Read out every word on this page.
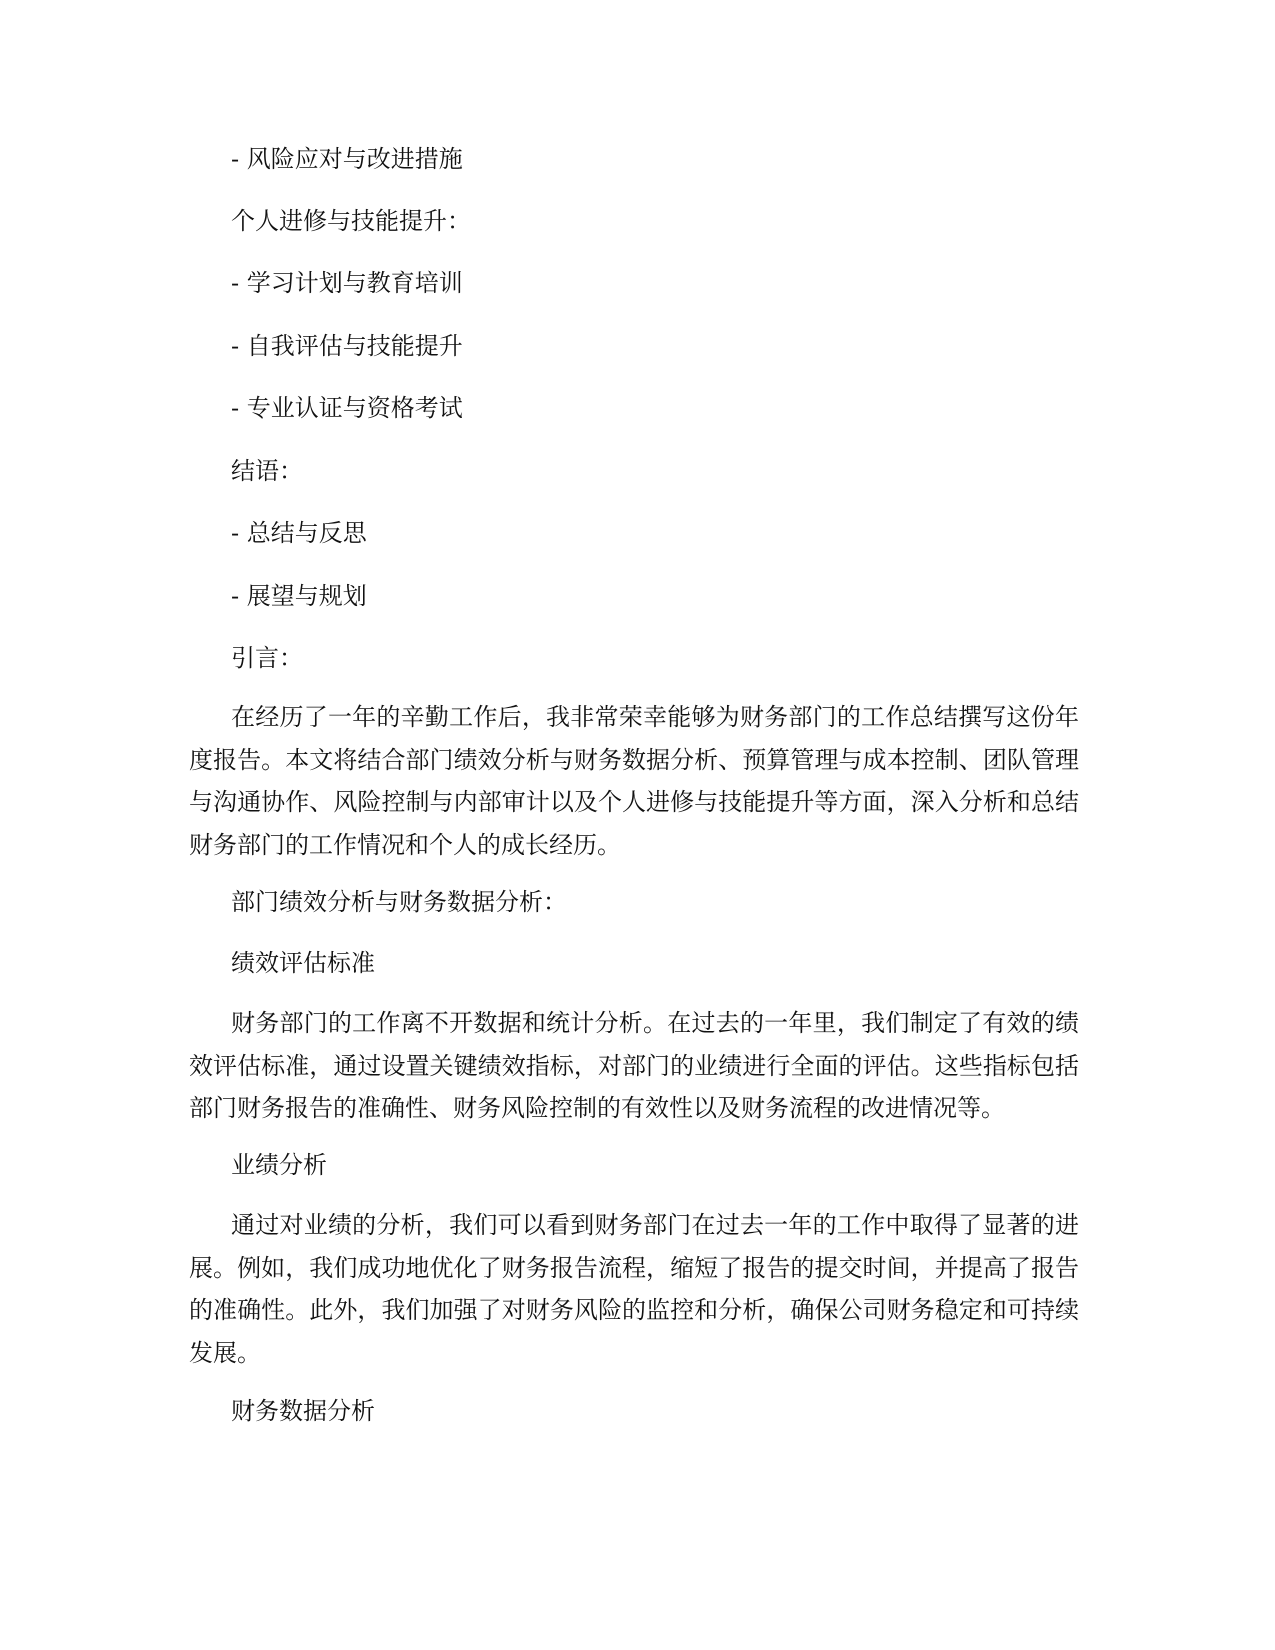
- 风险应对与改进措施
个人进修与技能提升：
- 学习计划与教育培训
- 自我评估与技能提升
- 专业认证与资格考试
结语：
- 总结与反思
- 展望与规划
引言：

在经历了一年的辛勤工作后，我非常荣幸能够为财务部门的工作总结撰写这份年度报告。本文将结合部门绩效分析与财务数据分析、预算管理与成本控制、团队管理与沟通协作、风险控制与内部审计以及个人进修与技能提升等方面，深入分析和总结财务部门的工作情况和个人的成长经历。

部门绩效分析与财务数据分析：
绩效评估标准

财务部门的工作离不开数据和统计分析。在过去的一年里，我们制定了有效的绩效评估标准，通过设置关键绩效指标，对部门的业绩进行全面的评估。这些指标包括部门财务报告的准确性、财务风险控制的有效性以及财务流程的改进情况等。

业绩分析

通过对业绩的分析，我们可以看到财务部门在过去一年的工作中取得了显著的进展。例如，我们成功地优化了财务报告流程，缩短了报告的提交时间，并提高了报告的准确性。此外，我们加强了对财务风险的监控和分析，确保公司财务稳定和可持续发展。

财务数据分析
